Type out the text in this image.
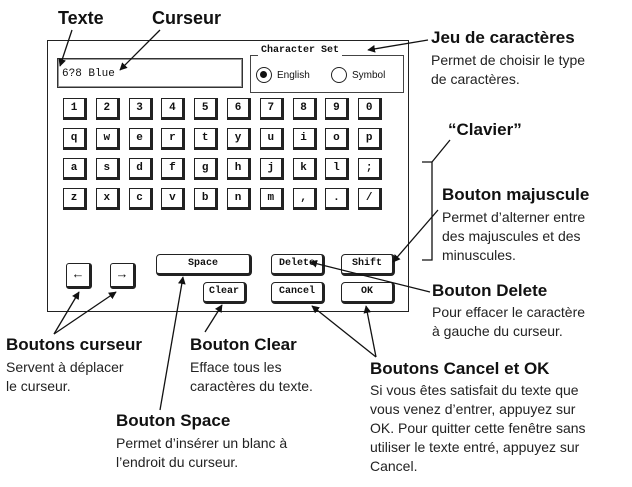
6?8 Blue
Character Set
English	Symbol
1	2	3	4	5	6	7	8	9	0
q	w	e	r	t	y	u	i	o	p
a	s	d	f	g	h	j	k	l	;
z	x	c	v	b	n	m	,	.	/
Space	Delete	Shift
Clear	Cancel	OK
←	→
Texte	Curseur
Jeu de caractères
Permet de choisir le type
de caractères.
“Clavier”
Bouton majuscule
Permet d’alterner entre
des majuscules et des
minuscules.
Bouton Delete
Pour effacer le caractère
à gauche du curseur.
Boutons curseur
Servent à déplacer
le curseur.
Bouton Clear
Efface tous les
caractères du texte.
Boutons Cancel et OK
Si vous êtes satisfait du texte que
vous venez d’entrer, appuyez sur
OK. Pour quitter cette fenêtre sans
utiliser le texte entré, appuyez sur
Cancel.
Bouton Space
Permet d’insérer un blanc à
l’endroit du curseur.
